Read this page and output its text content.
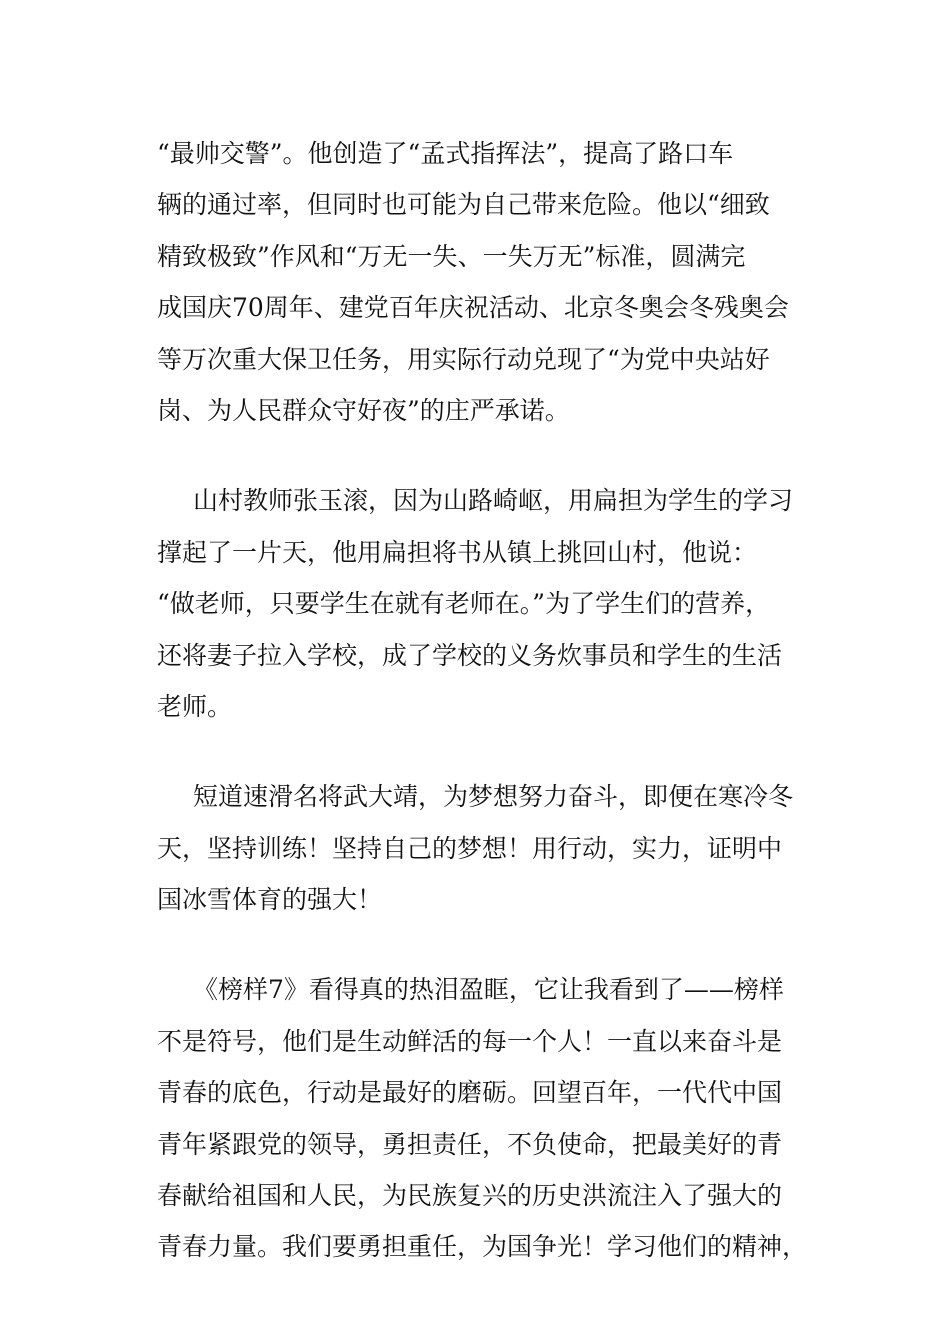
“最帅交警”。他创造了“孟式指挥法”，提高了路口车
辆的通过率，但同时也可能为自己带来危险。他以“细致
精致极致”作风和“万无一失、一失万无”标准，圆满完
成国庆70周年、建党百年庆祝活动、北京冬奥会冬残奥会
等万次重大保卫任务，用实际行动兑现了“为党中央站好
岗、为人民群众守好夜”的庄严承诺。
山村教师张玉滚，因为山路崎岖，用扁担为学生的学习
撑起了一片天，他用扁担将书从镇上挑回山村，他说：
“做老师，只要学生在就有老师在。”为了学生们的营养，
还将妻子拉入学校，成了学校的义务炊事员和学生的生活
老师。
短道速滑名将武大靖，为梦想努力奋斗，即便在寒冷冬
天，坚持训练！坚持自己的梦想！用行动，实力，证明中
国冰雪体育的强大！
《榜样7》看得真的热泪盈眶，它让我看到了——榜样
不是符号，他们是生动鲜活的每一个人！一直以来奋斗是
青春的底色，行动是最好的磨砺。回望百年，一代代中国
青年紧跟党的领导，勇担责任，不负使命，把最美好的青
春献给祖国和人民，为民族复兴的历史洪流注入了强大的
青春力量。我们要勇担重任，为国争光！学习他们的精神，
